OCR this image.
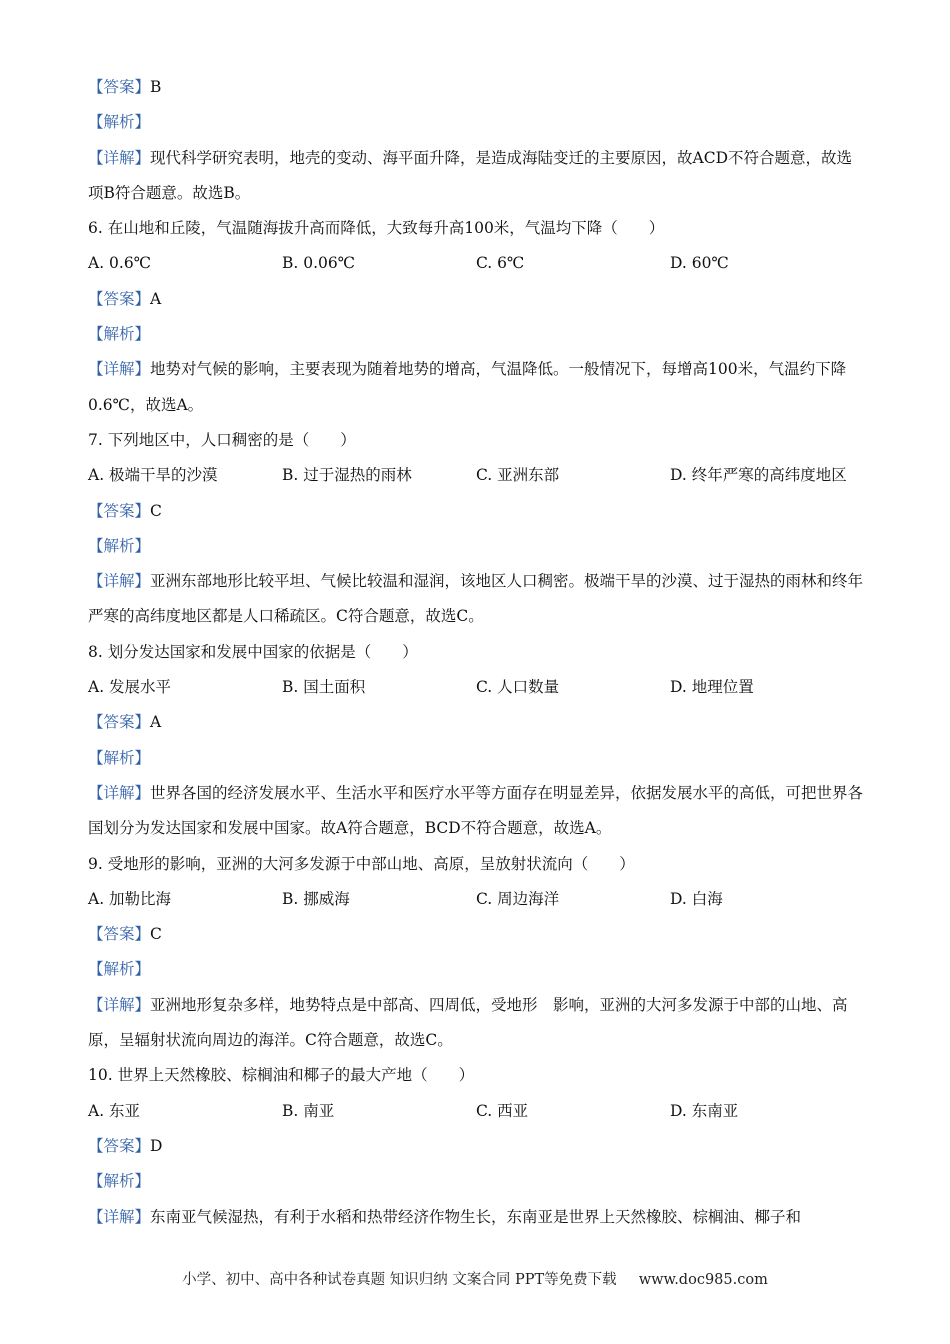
【答案】B
【解析】
【详解】现代科学研究表明，地壳的变动、海平面升降，是造成海陆变迁的主要原因，故ACD不符合题意，故选项B符合题意。故选B。
6. 在山地和丘陵，气温随海拔升高而降低，大致每升高100米，气温均下降（　　）
A. 0.6℃	B. 0.06℃	C. 6℃	D. 60℃
【答案】A
【解析】
【详解】地势对气候的影响，主要表现为随着地势的增高，气温降低。一般情况下，每增高100米，气温约下降0.6℃，故选A。
7. 下列地区中，人口稠密的是（　　）
A. 极端干旱的沙漠	B. 过于湿热的雨林	C. 亚洲东部	D. 终年严寒的高纬度地区
【答案】C
【解析】
【详解】亚洲东部地形比较平坦、气候比较温和湿润，该地区人口稠密。极端干旱的沙漠、过于湿热的雨林和终年严寒的高纬度地区都是人口稀疏区。C符合题意，故选C。
8. 划分发达国家和发展中国家的依据是（　　）
A. 发展水平	B. 国土面积	C. 人口数量	D. 地理位置
【答案】A
【解析】
【详解】世界各国的经济发展水平、生活水平和医疗水平等方面存在明显差异，依据发展水平的高低，可把世界各国划分为发达国家和发展中国家。故A符合题意，BCD不符合题意，故选A。
9. 受地形的影响，亚洲的大河多发源于中部山地、高原，呈放射状流向（　　）
A. 加勒比海	B. 挪威海	C. 周边海洋	D. 白海
【答案】C
【解析】
【详解】亚洲地形复杂多样，地势特点是中部高、四周低，受地形　影响，亚洲的大河多发源于中部的山地、高原，呈辐射状流向周边的海洋。C符合题意，故选C。
10. 世界上天然橡胶、棕榈油和椰子的最大产地（　　）
A. 东亚	B. 南亚	C. 西亚	D. 东南亚
【答案】D
【解析】
【详解】东南亚气候湿热，有利于水稻和热带经济作物生长，东南亚是世界上天然橡胶、棕榈油、椰子和
小学、初中、高中各种试卷真题 知识归纳 文案合同 PPT等免费下载 www.doc985.com
